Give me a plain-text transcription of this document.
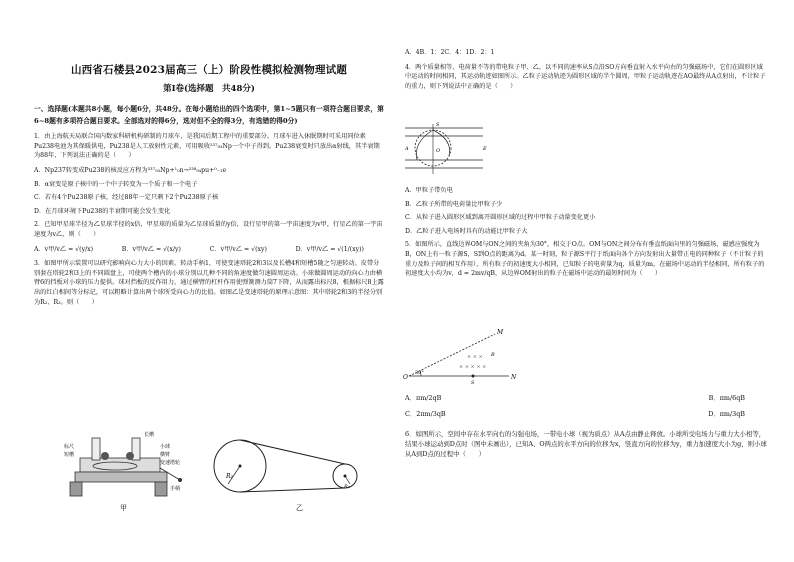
山西省石楼县2023届高三（上）阶段性模拟检测物理试题
第Ⅰ卷(选择题　共48分)

一、选择题(本题共8小题，每小题6分，共48分。在每小题给出的四个选项中，第1~5题只有一项符合题目要求，第6~8题有多项符合题目要求。全部选对的得6分，选对但不全的得3分，有选错的得0分)

1．由上海航天局联合国内数家科研机构研制的月球车，是我国后期工程中的重要部分。月球车进入休眠期时可采用同位素Pu238电池为其保暖供电，Pu238是人工放射性元素，可用吸收²³⁷₉₃Np一个中子得到。Pu238衰变时只放出α射线，其半衰期为88年，下列说法正确的是（　　）

A．Np237转变成Pu238的核反应方程为²³⁷₉₃Np+¹₀n→²³⁸₉₄pu+⁰₋₁e

B．α衰变是原子核中的一个中子转变为一个质子和一个电子

C．若有4个Pu238原子核，经过88年一定只剩下2个Pu238原子核

D．在月球环境下Pu238的半衰期可能会发生变化

2．已知甲星球半径为乙星球半径的x倍，甲星球的质量为乙星球质量的y倍，设行星甲的第一宇宙速度为v甲，行星乙的第一宇宙速度为v乙，则（　　）

A．v甲/v乙 = √(y/x)	B．v甲/v乙 = √(x/y)	C．v甲/v乙 = √(xy)	D．v甲/v乙 = √(1/(xy))

3．如图甲所示装置可以研究影响向心力大小的因素。转动手柄1，可使变速塔轮2和3以及长槽4和短槽5随之匀速转动。皮带分别套在塔轮2和3上的不同圆盘上，可使两个槽内的小球分别以几种不同的角速度做匀速圆周运动。小球做圆周运动的向心力由横臂6的挡板对小球的压力提供。球对挡板的反作用力，通过横臂的杠杆作用使弹簧测力筒7下降，从而露出标尺8，根据标尺8上露出的红白相间等分标记，可以粗略计算出两个球所受向心力的比值。如图乙是变速塔轮的原理示意图：其中塔轮2和3的半径分别为R₂、R₃。则（　　）

标尺
短槽
长槽
小球
横臂
变速塔轮
手柄
甲
R₂
R₃
乙

A．4B．1：2C．4：1D．2：1

4．两个质量相等、电荷量不等的带电粒子甲、乙，以不同的速率从S点沿SO方向垂直射入水平向右的匀强磁场中，它们在圆形区域中运动的时间相同，其运动轨迹如图所示。乙粒子运动轨迹为圆形区域的半个圆周，甲粒子运动轨迹在AO最终从A点射出，不计粒子的重力，则下列说法中正确的是（　　）

S
O
A	E

A．甲粒子带负电

B．乙粒子所带的电荷量比甲粒子少

C．从粒子进入圆形区域到离开圆形区域的过程中甲粒子动量变化更小

D．乙粒子进入电场时具有的动能比甲粒子大

5．如图所示，直线边界OM与ON之间的夹角为30°，相交于O点。OM与ON之间分布有垂直纸面向里的匀强磁场，磁感应强度为B，ON上有一粒子源S，S到O点的距离为d。某一时刻，粒子源S平行于纸面向各个方向发射出大量带正电的同种粒子（不计粒子的重力及粒子间的相互作用），所有粒子的初速度大小相同，已知粒子的电荷量为q，质量为m，在磁场中运动的半径相同，所有粒子的初速度大小均为v，d = 2mv/qB，从边界OM射出的粒子在磁场中运动的最短时间为（　　）

× × ×
× × × × ×
O
30°
M
N
S
B
A．πm/2qB	B．πm/6qB
C．2πm/3qB	D．πm/3qB

6．如图所示，空间中存在水平向右的匀强电场，一带电小球（视为质点）从A点由静止释放。小球所受电场力与重力大小相等，结果小球运动到D点时（图中未画出），已知A、O两点的水平方向的位移为x，竖直方向的位移为y，重力加速度大小为g，则小球从A到D点的过程中（　　）
